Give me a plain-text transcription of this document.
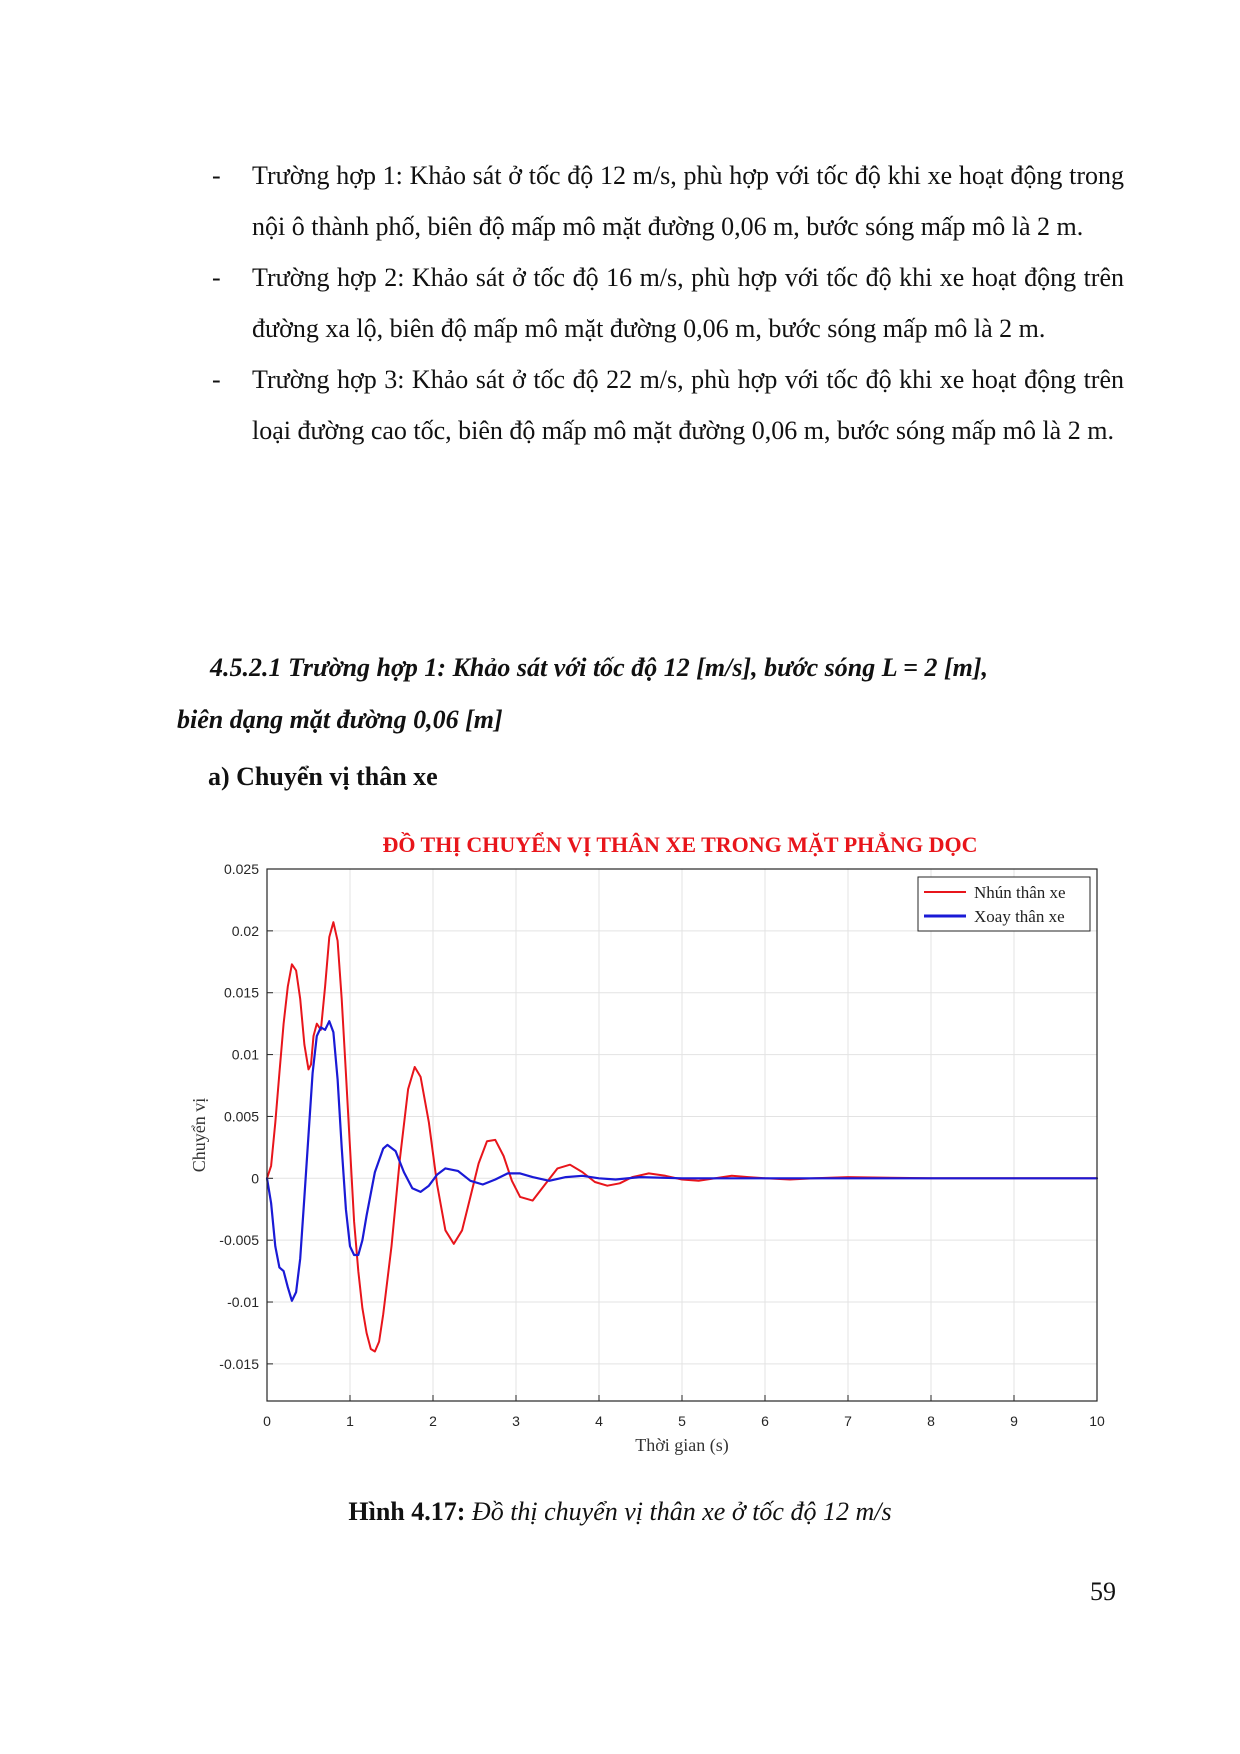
- Trường hợp 1: Khảo sát ở tốc độ 12 m/s, phù hợp với tốc độ khi xe hoạt động trong nội ô thành phố, biên độ mấp mô mặt đường 0,06 m, bước sóng mấp mô là 2 m.
- Trường hợp 2: Khảo sát ở tốc độ 16 m/s, phù hợp với tốc độ khi xe hoạt động trên đường xa lộ, biên độ mấp mô mặt đường 0,06 m, bước sóng mấp mô là 2 m.
- Trường hợp 3: Khảo sát ở tốc độ 22 m/s, phù hợp với tốc độ khi xe hoạt động trên loại đường cao tốc, biên độ mấp mô mặt đường 0,06 m, bước sóng mấp mô là 2 m.
4.5.2.1 Trường hợp 1: Khảo sát với tốc độ 12 [m/s], bước sóng L = 2 [m],
biên dạng mặt đường 0,06 [m]
a) Chuyển vị thân xe
ĐỒ THỊ CHUYỂN VỊ THÂN XE TRONG MẶT PHẲNG DỌC
0	1	2	3	4	5	6	7	8	9	10
-0.015
-0.01
-0.005
0
0.005
0.01
0.015
0.02
0.025
Nhún thân xe
Xoay thân xe
Thời gian (s)
Chuyển vị
Hình 4.17: Đồ thị chuyển vị thân xe ở tốc độ 12 m/s
59
